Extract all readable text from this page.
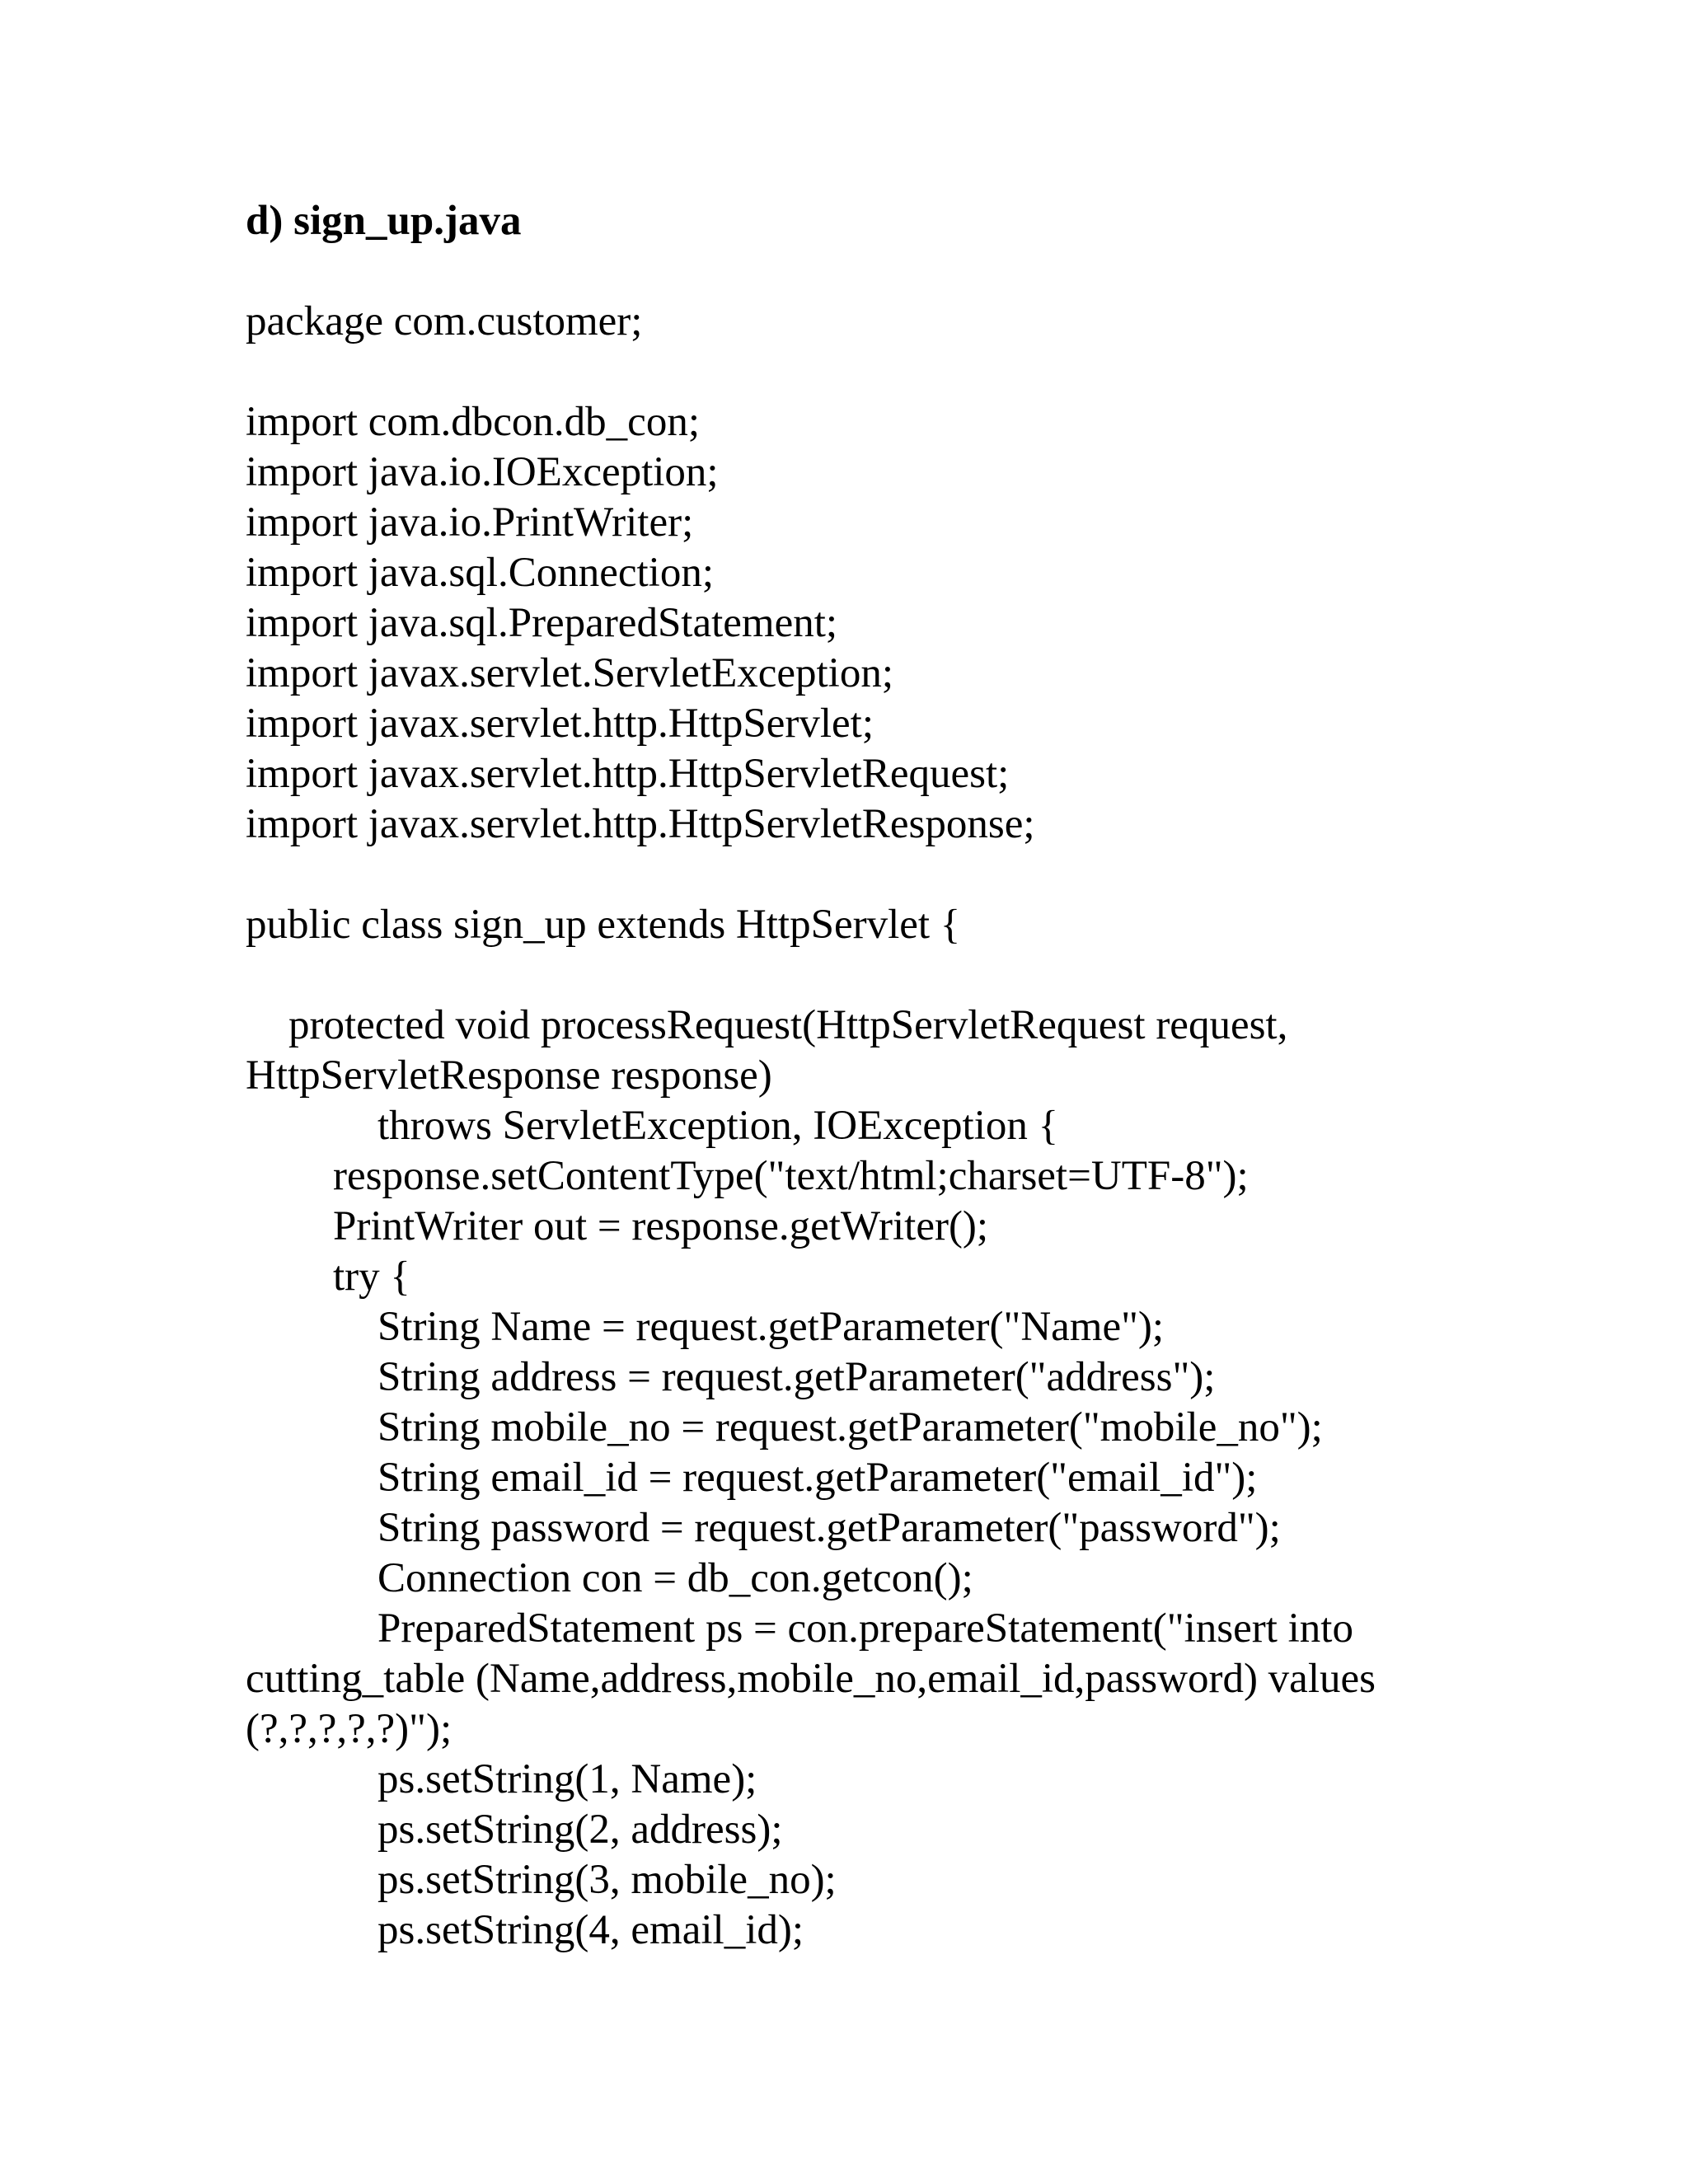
d) sign_up.java
package com.customer;
import com.dbcon.db_con;
import java.io.IOException;
import java.io.PrintWriter;
import java.sql.Connection;
import java.sql.PreparedStatement;
import javax.servlet.ServletException;
import javax.servlet.http.HttpServlet;
import javax.servlet.http.HttpServletRequest;
import javax.servlet.http.HttpServletResponse;
public class sign_up extends HttpServlet {
protected void processRequest(HttpServletRequest request,
HttpServletResponse response)
throws ServletException, IOException {
response.setContentType("text/html;charset=UTF-8");
PrintWriter out = response.getWriter();
try {
String Name = request.getParameter("Name");
String address = request.getParameter("address");
String mobile_no = request.getParameter("mobile_no");
String email_id = request.getParameter("email_id");
String password = request.getParameter("password");
Connection con = db_con.getcon();
PreparedStatement ps = con.prepareStatement("insert into
cutting_table (Name,address,mobile_no,email_id,password) values
(?,?,?,?,?)");
ps.setString(1, Name);
ps.setString(2, address);
ps.setString(3, mobile_no);
ps.setString(4, email_id);
